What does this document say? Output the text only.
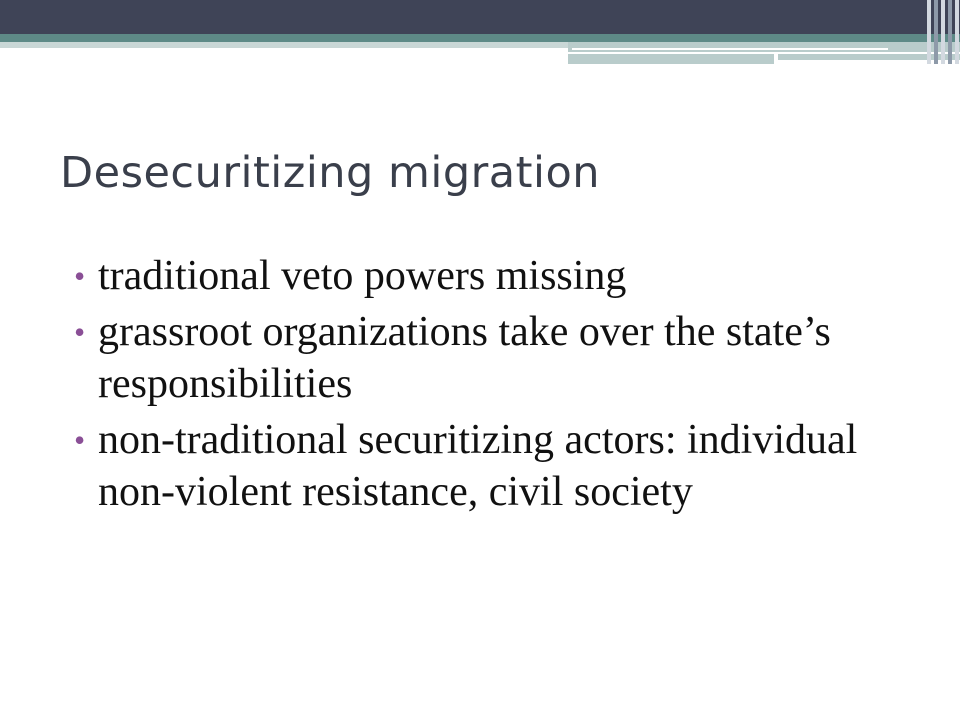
Desecuritizing migration
• traditional veto powers missing
• grassroot organizations take over the state’s responsibilities
• non-traditional securitizing actors: individual non-violent resistance, civil society
